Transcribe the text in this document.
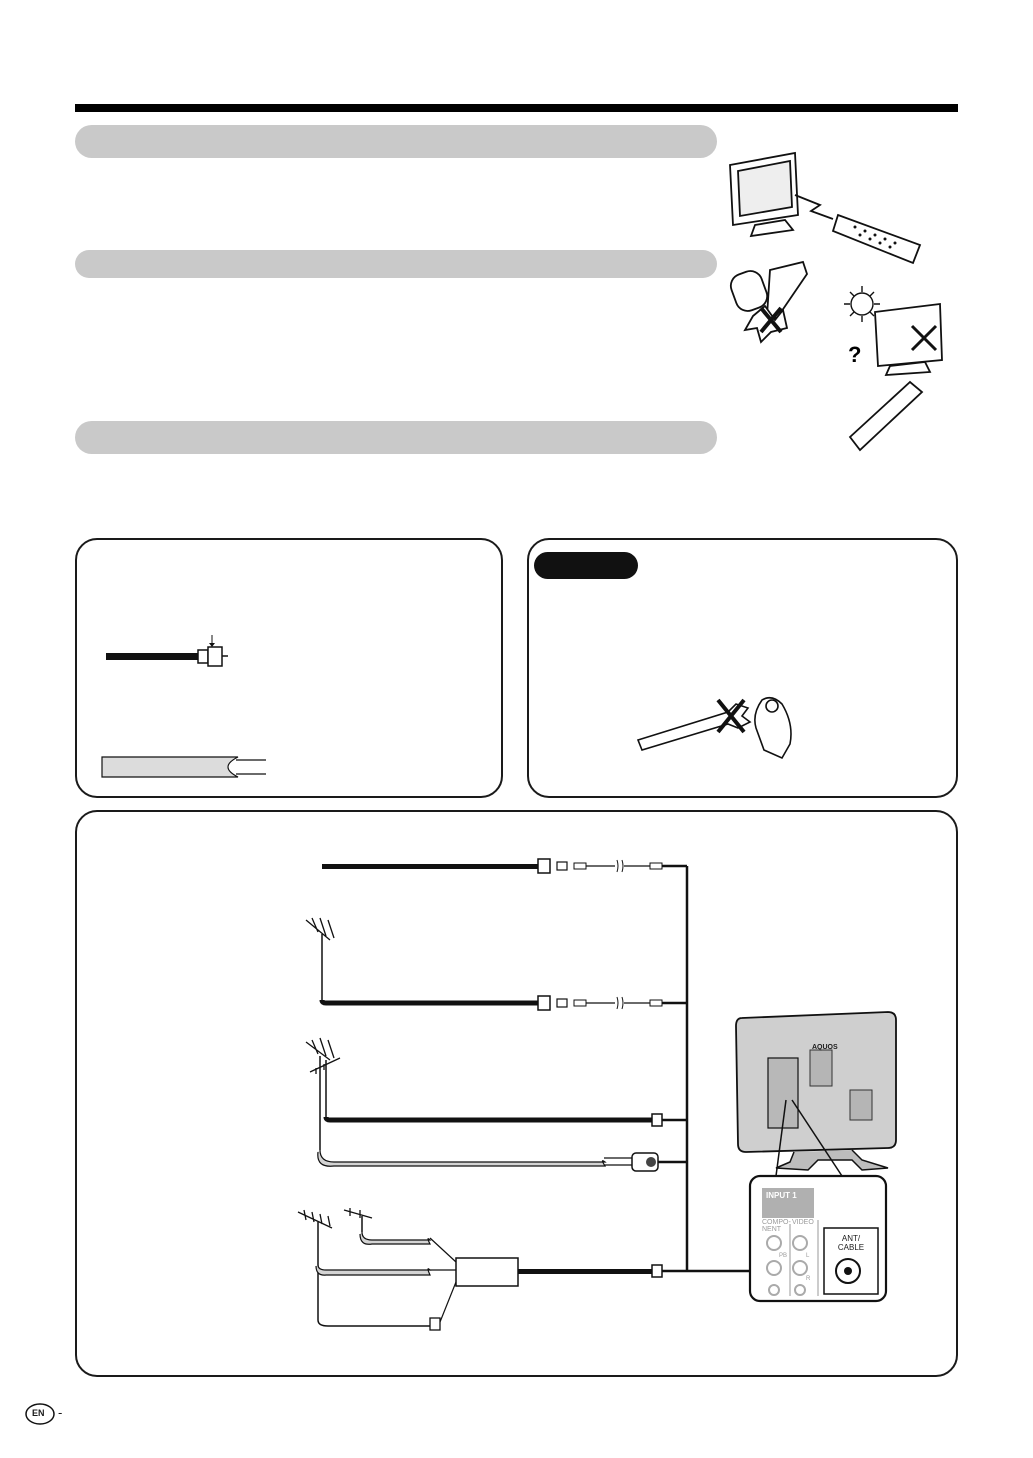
?
AQUOS
INPUT 1
COMPO-
NENT
VIDEO
PB	L
R
ANT/
CABLE
EN -
